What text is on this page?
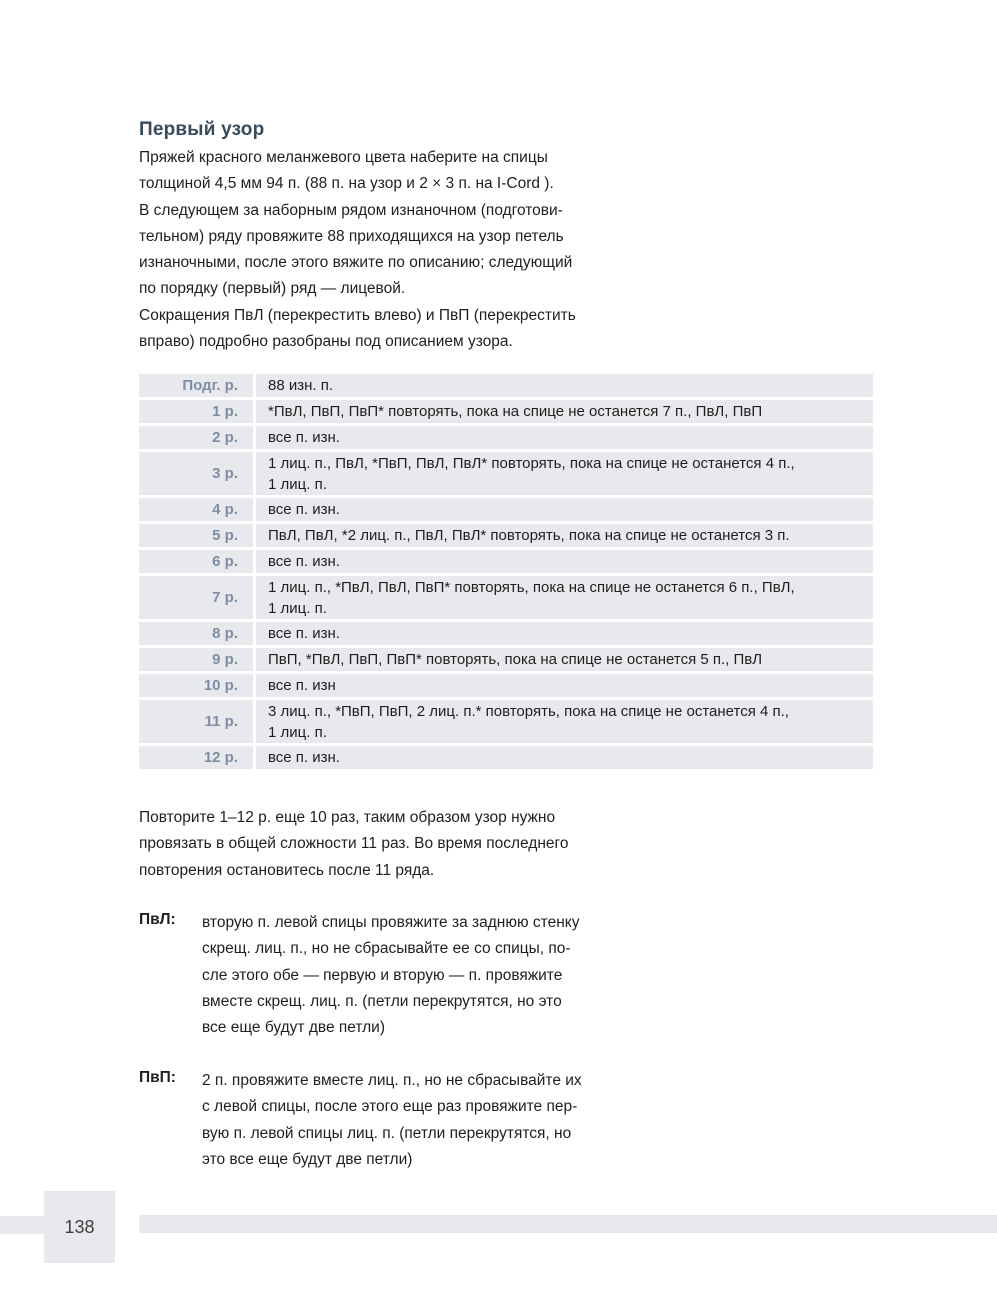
Первый узор
Пряжей красного меланжевого цвета наберите на спицы
толщиной 4,5 мм 94 п. (88 п. на узор и 2 × 3 п. на I-Cord ).
В следующем за наборным рядом изнаночном (подготови-
тельном) ряду провяжите 88 приходящихся на узор петель
изнаночными, после этого вяжите по описанию; следующий
по порядку (первый) ряд — лицевой.
Сокращения ПвЛ (перекрестить влево) и ПвП (перекрестить
вправо) подробно разобраны под описанием узора.
Подг. р.	88 изн. п.

1 р.	*ПвЛ, ПвП, ПвП* повторять, пока на спице не останется 7 п., ПвЛ, ПвП

2 р.	все п. изн.

3 р.	1 лиц. п., ПвЛ, *ПвП, ПвЛ, ПвЛ* повторять, пока на спице не останется 4 п.,
1 лиц. п.

4 р.	все п. изн.

5 р.	ПвЛ, ПвЛ, *2 лиц. п., ПвЛ, ПвЛ* повторять, пока на спице не останется 3 п.

6 р.	все п. изн.

7 р.	1 лиц. п., *ПвЛ, ПвЛ, ПвП* повторять, пока на спице не останется 6 п., ПвЛ,
1 лиц. п.

8 р.	все п. изн.

9 р.	ПвП, *ПвЛ, ПвП, ПвП* повторять, пока на спице не останется 5 п., ПвЛ

10 р.	все п. изн

11 р.	3 лиц. п., *ПвП, ПвП, 2 лиц. п.* повторять, пока на спице не останется 4 п.,
1 лиц. п.

12 р.	все п. изн.
Повторите 1–12 р. еще 10 раз, таким образом узор нужно
провязать в общей сложности 11 раз. Во время последнего
повторения остановитесь после 11 ряда.
ПвЛ: вторую п. левой спицы провяжите за заднюю стенку
скрещ. лиц. п., но не сбрасывайте ее со спицы, по-
сле этого обе — первую и вторую — п. провяжите
вместе скрещ. лиц. п. (петли перекрутятся, но это
все еще будут две петли)
ПвП: 2 п. провяжите вместе лиц. п., но не сбрасывайте их
с левой спицы, после этого еще раз провяжите пер-
вую п. левой спицы лиц. п. (петли перекрутятся, но
это все еще будут две петли)
138
